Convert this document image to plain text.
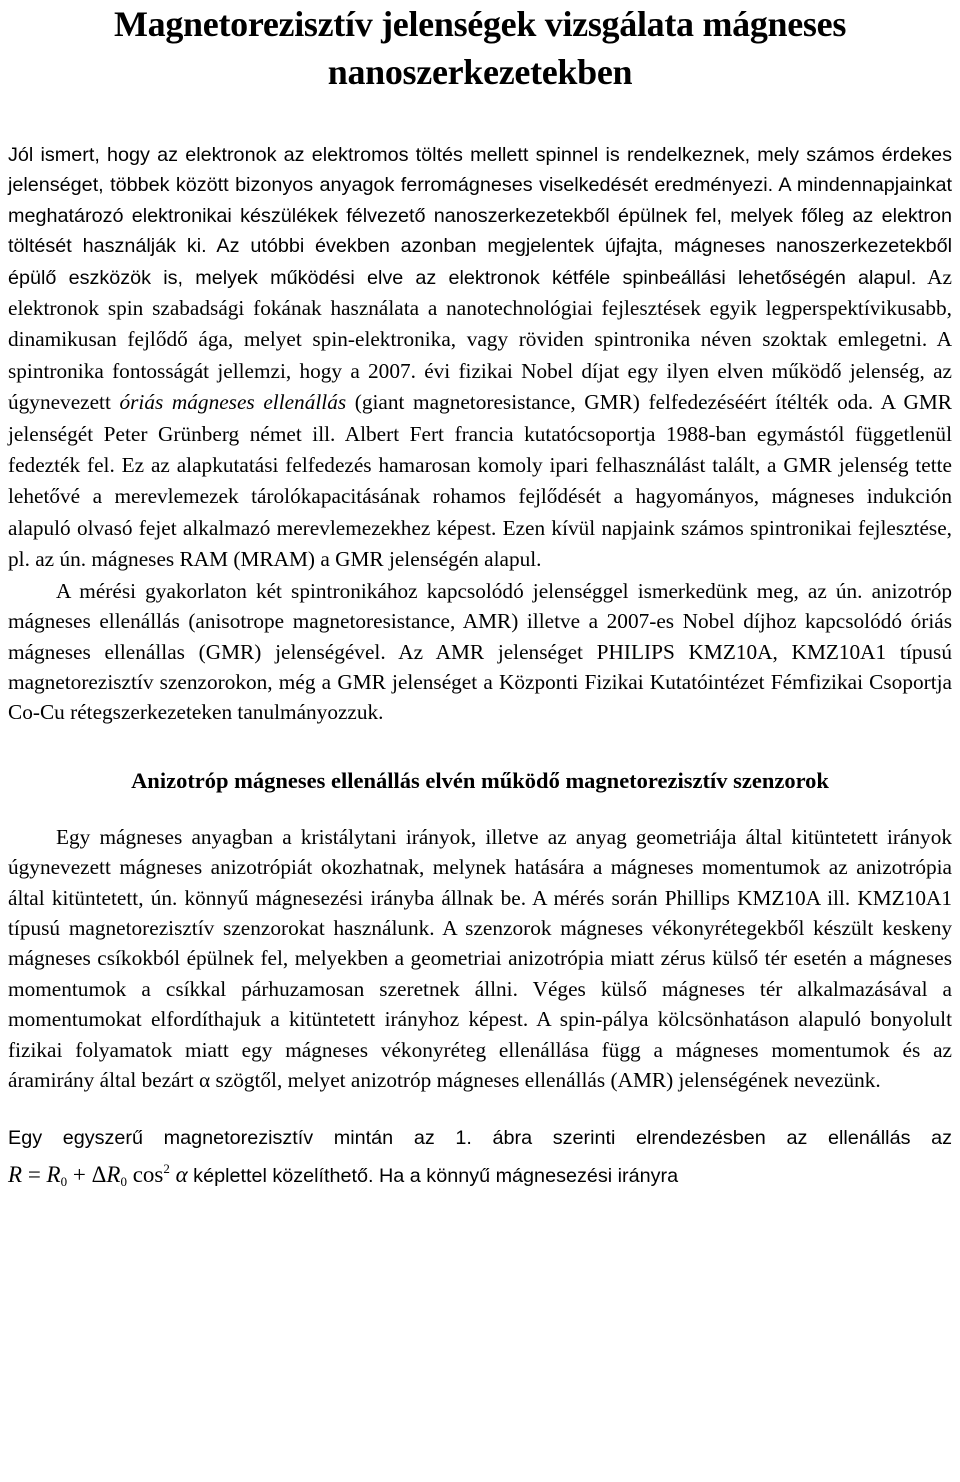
Magnetorezisztív jelenségek vizsgálata mágneses
nanoszerkezetekben

Jól ismert, hogy az elektronok az elektromos töltés mellett spinnel is rendelkeznek, mely számos érdekes jelenséget, többek között bizonyos anyagok ferromágneses viselkedését eredményezi. A mindennapjainkat meghatározó elektronikai készülékek félvezető nanoszerkezetekből épülnek fel, melyek főleg az elektron töltését használják ki. Az utóbbi években azonban megjelentek újfajta, mágneses nanoszerkezetekből épülő eszközök is, melyek működési elve az elektronok kétféle spinbeállási lehetőségén alapul. Az elektronok spin szabadsági fokának használata a nanotechnológiai fejlesztések egyik legperspektívikusabb, dinamikusan fejlődő ága, melyet spin-elektronika, vagy röviden spintronika néven szoktak emlegetni. A spintronika fontosságát jellemzi, hogy a 2007. évi fizikai Nobel díjat egy ilyen elven működő jelenség, az úgynevezett óriás mágneses ellenállás (giant magnetoresistance, GMR) felfedezéséért ítélték oda. A GMR jelenségét Peter Grünberg német ill. Albert Fert francia kutatócsoportja 1988-ban egymástól függetlenül fedezték fel. Ez az alapkutatási felfedezés hamarosan komoly ipari felhasználást talált, a GMR jelenség tette lehetővé a merevlemezek tárolókapacitásának rohamos fejlődését a hagyományos, mágneses indukción alapuló olvasó fejet alkalmazó merevlemezekhez képest. Ezen kívül napjaink számos spintronikai fejlesztése, pl. az ún. mágneses RAM (MRAM) a GMR jelenségén alapul.

A mérési gyakorlaton két spintronikához kapcsolódó jelenséggel ismerkedünk meg, az ún. anizotróp mágneses ellenállás (anisotrope magnetoresistance, AMR) illetve a 2007-es Nobel díjhoz kapcsolódó óriás mágneses ellenállas (GMR) jelenségével. Az AMR jelenséget PHILIPS KMZ10A, KMZ10A1 típusú magnetorezisztív szenzorokon, még a GMR jelenséget a Központi Fizikai Kutatóintézet Fémfizikai Csoportja Co-Cu rétegszerkezeteken tanulmányozzuk.

Anizotróp mágneses ellenállás elvén működő magnetorezisztív szenzorok

Egy mágneses anyagban a kristálytani irányok, illetve az anyag geometriája által kitüntetett irányok úgynevezett mágneses anizotrópiát okozhatnak, melynek hatására a mágneses momentumok az anizotrópia által kitüntetett, ún. könnyű mágnesezési irányba állnak be. A mérés során Phillips KMZ10A ill. KMZ10A1 típusú magnetorezisztív szenzorokat használunk. A szenzorok mágneses vékonyrétegekből készült keskeny mágneses csíkokból épülnek fel, melyekben a geometriai anizotrópia miatt zérus külső tér esetén a mágneses momentumok a csíkkal párhuzamosan szeretnek állni. Véges külső mágneses tér alkalmazásával a momentumokat elfordíthajuk a kitüntetett irányhoz képest. A spin-pálya kölcsönhatáson alapuló bonyolult fizikai folyamatok miatt egy mágneses vékonyréteg ellenállása függ a mágneses momentumok és az áramirány által bezárt α szögtől, melyet anizotróp mágneses ellenállás (AMR) jelenségének nevezünk.

Egy egyszerű magnetorezisztív mintán az 1. ábra szerinti elrendezésben az ellenállás az $R = R_0 + \Delta R_0$ $\cos^2 \alpha$ képlettel közelíthető. Ha a könnyű mágnesezési irányra
